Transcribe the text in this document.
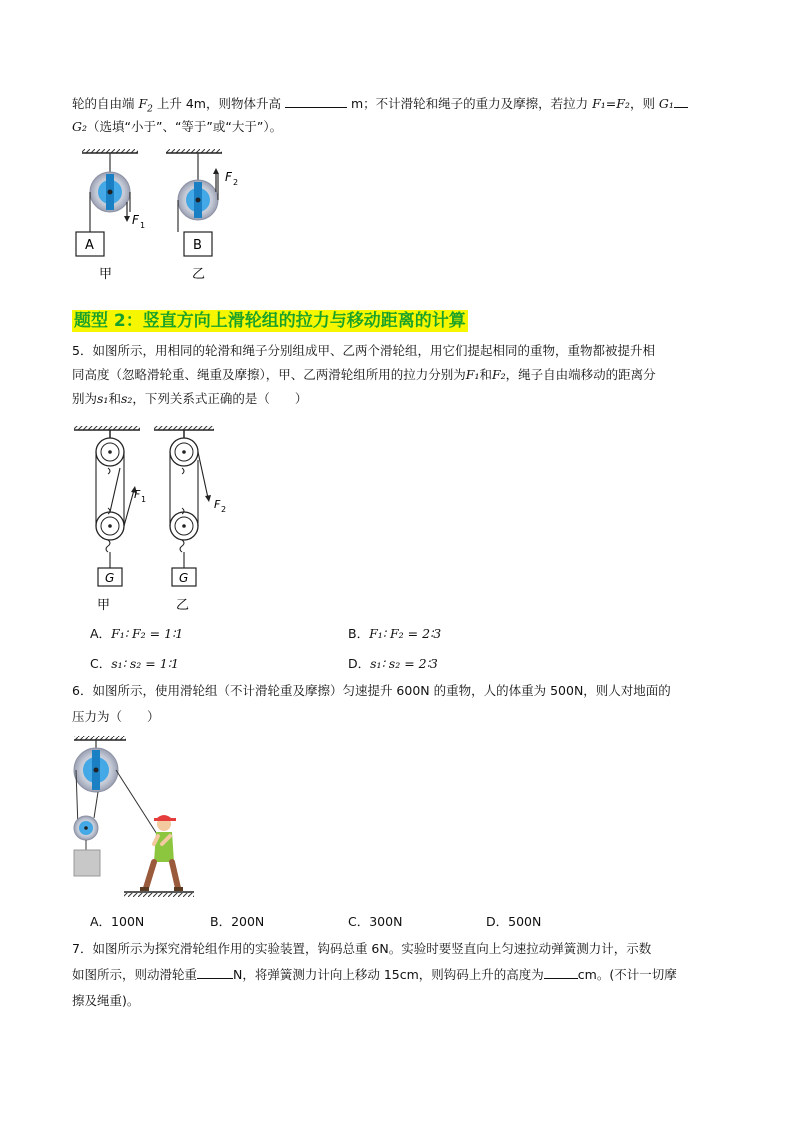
轮的自由端 $F_2$ 上升 4m，则物体升高	m；不计滑轮和绳子的重力及摩擦，若拉力 F₁=F₂，则 G₁
G₂（选填“小于”、“等于”或“大于”）。
F 1
A
甲
F 2
B
乙
题型 2：竖直方向上滑轮组的拉力与移动距离的计算
5．如图所示，用相同的轮滑和绳子分别组成甲、乙两个滑轮组，用它们提起相同的重物，重物都被提升相
同高度（忽略滑轮重、绳重及摩擦），甲、乙两滑轮组所用的拉力分别为F₁和F₂，绳子自由端移动的距离分
别为s₁和s₂，下列关系式正确的是（　　）
F 1
G
甲
F 2
G
乙
A．F₁∶ F₂ = 1∶1	B．F₁∶ F₂ = 2∶3
C．s₁∶ s₂ = 1∶1	D．s₁∶ s₂ = 2∶3
6．如图所示，使用滑轮组（不计滑轮重及摩擦）匀速提升 600N 的重物，人的体重为 500N，则人对地面的
压力为（　　）
A．100N	B．200N	C．300N	D．500N
7．如图所示为探究滑轮组作用的实验装置，钩码总重 6N。实验时要竖直向上匀速拉动弹簧测力计，示数
如图所示，则动滑轮重	N，将弹簧测力计向上移动 15cm，则钩码上升的高度为	cm。(不计一切摩
擦及绳重)。
